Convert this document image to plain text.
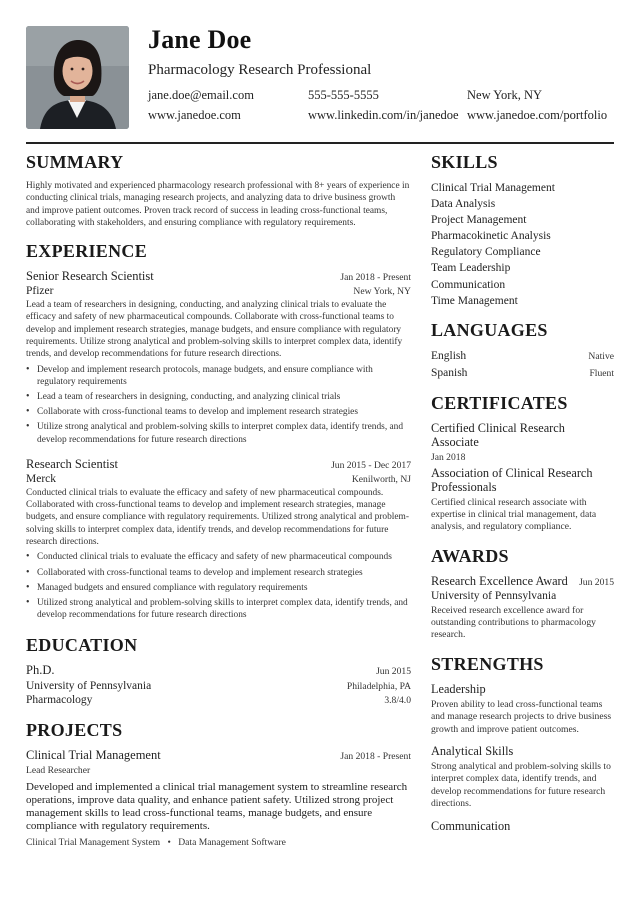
Jane Doe
Pharmacology Research Professional
jane.doe@email.com	555-555-5555	New York, NY
www.janedoe.com	www.linkedin.com/in/janedoe www.janedoe.com/portfolio
SUMMARY
Highly motivated and experienced pharmacology research professional with 8+ years of experience in conducting clinical trials, managing research projects, and analyzing data to drive business growth and improve patient outcomes. Proven track record of success in leading cross-functional teams, collaborating with stakeholders, and ensuring compliance with regulatory requirements.
EXPERIENCE
Senior Research Scientist	Jan 2018 - Present
Pfizer	New York, NY
Lead a team of researchers in designing, conducting, and analyzing clinical trials to evaluate the efficacy and safety of new pharmaceutical compounds. Collaborate with cross-functional teams to develop and implement research strategies, manage budgets, and ensure compliance with regulatory requirements. Utilize strong analytical and problem-solving skills to interpret complex data, identify trends, and develop recommendations for future research directions.
• Develop and implement research protocols, manage budgets, and ensure compliance with regulatory requirements
• Lead a team of researchers in designing, conducting, and analyzing clinical trials
• Collaborate with cross-functional teams to develop and implement research strategies
• Utilize strong analytical and problem-solving skills to interpret complex data, identify trends, and develop recommendations for future research directions
Research Scientist	Jun 2015 - Dec 2017
Merck	Kenilworth, NJ
Conducted clinical trials to evaluate the efficacy and safety of new pharmaceutical compounds. Collaborated with cross-functional teams to develop and implement research strategies, manage budgets, and ensure compliance with regulatory requirements. Utilized strong analytical and problem-solving skills to interpret complex data, identify trends, and develop recommendations for future research directions.
• Conducted clinical trials to evaluate the efficacy and safety of new pharmaceutical compounds
• Collaborated with cross-functional teams to develop and implement research strategies
• Managed budgets and ensured compliance with regulatory requirements
• Utilized strong analytical and problem-solving skills to interpret complex data, identify trends, and develop recommendations for future research directions
EDUCATION
Ph.D.	Jun 2015
University of Pennsylvania	Philadelphia, PA
Pharmacology	3.8/4.0
PROJECTS
Clinical Trial Management	Jan 2018 - Present
Lead Researcher
Developed and implemented a clinical trial management system to streamline research operations, improve data quality, and enhance patient safety. Utilized strong project management skills to lead cross-functional teams, manage budgets, and ensure compliance with regulatory requirements.
Clinical Trial Management System • Data Management Software
SKILLS
Clinical Trial Management
Data Analysis
Project Management
Pharmacokinetic Analysis
Regulatory Compliance
Team Leadership
Communication
Time Management
LANGUAGES
English	Native
Spanish	Fluent
CERTIFICATES
Certified Clinical Research Associate
Jan 2018
Association of Clinical Research Professionals
Certified clinical research associate with expertise in clinical trial management, data analysis, and regulatory compliance.
AWARDS
Research Excellence Award Jun 2015
University of Pennsylvania
Received research excellence award for outstanding contributions to pharmacology research.
STRENGTHS
Leadership
Proven ability to lead cross-functional teams and manage research projects to drive business growth and improve patient outcomes.
Analytical Skills
Strong analytical and problem-solving skills to interpret complex data, identify trends, and develop recommendations for future research directions.
Communication
